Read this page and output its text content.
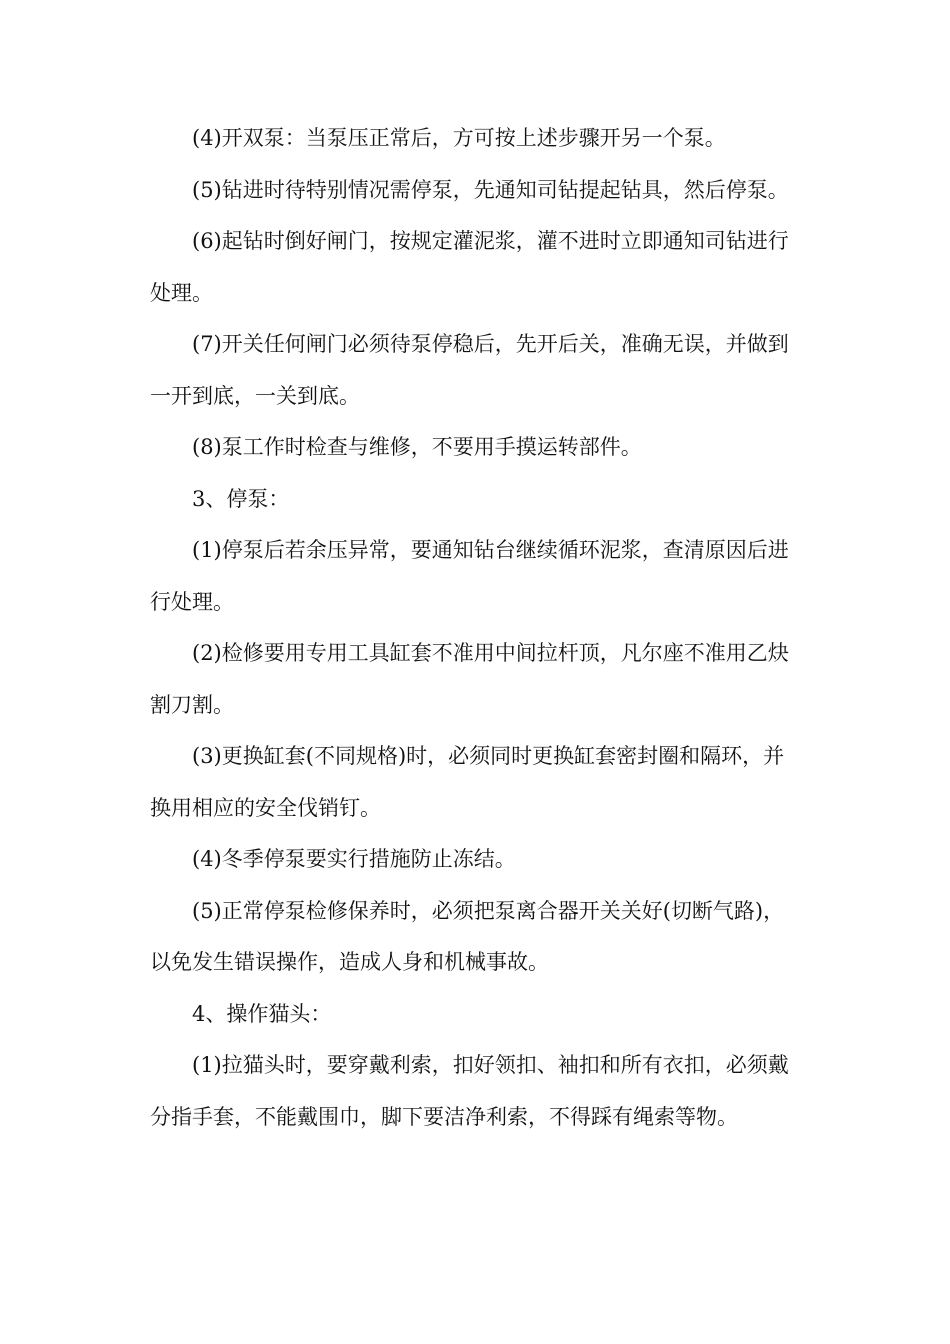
(4)开双泵：当泵压正常后，方可按上述步骤开另一个泵。

(5)钻进时待特别情况需停泵，先通知司钻提起钻具，然后停泵。

(6)起钻时倒好闸门，按规定灌泥浆，灌不进时立即通知司钻进行处理。

(7)开关任何闸门必须待泵停稳后，先开后关，准确无误，并做到一开到底，一关到底。

(8)泵工作时检查与维修，不要用手摸运转部件。

3、停泵：

(1)停泵后若余压异常，要通知钻台继续循环泥浆，查清原因后进行处理。

(2)检修要用专用工具缸套不准用中间拉杆顶，凡尔座不准用乙炔割刀割。

(3)更换缸套(不同规格)时，必须同时更换缸套密封圈和隔环，并换用相应的安全伐销钉。

(4)冬季停泵要实行措施防止冻结。

(5)正常停泵检修保养时，必须把泵离合器开关关好(切断气路)，以免发生错误操作，造成人身和机械事故。

4、操作猫头：

(1)拉猫头时，要穿戴利索，扣好领扣、袖扣和所有衣扣，必须戴分指手套，不能戴围巾，脚下要洁净利索，不得踩有绳索等物。
